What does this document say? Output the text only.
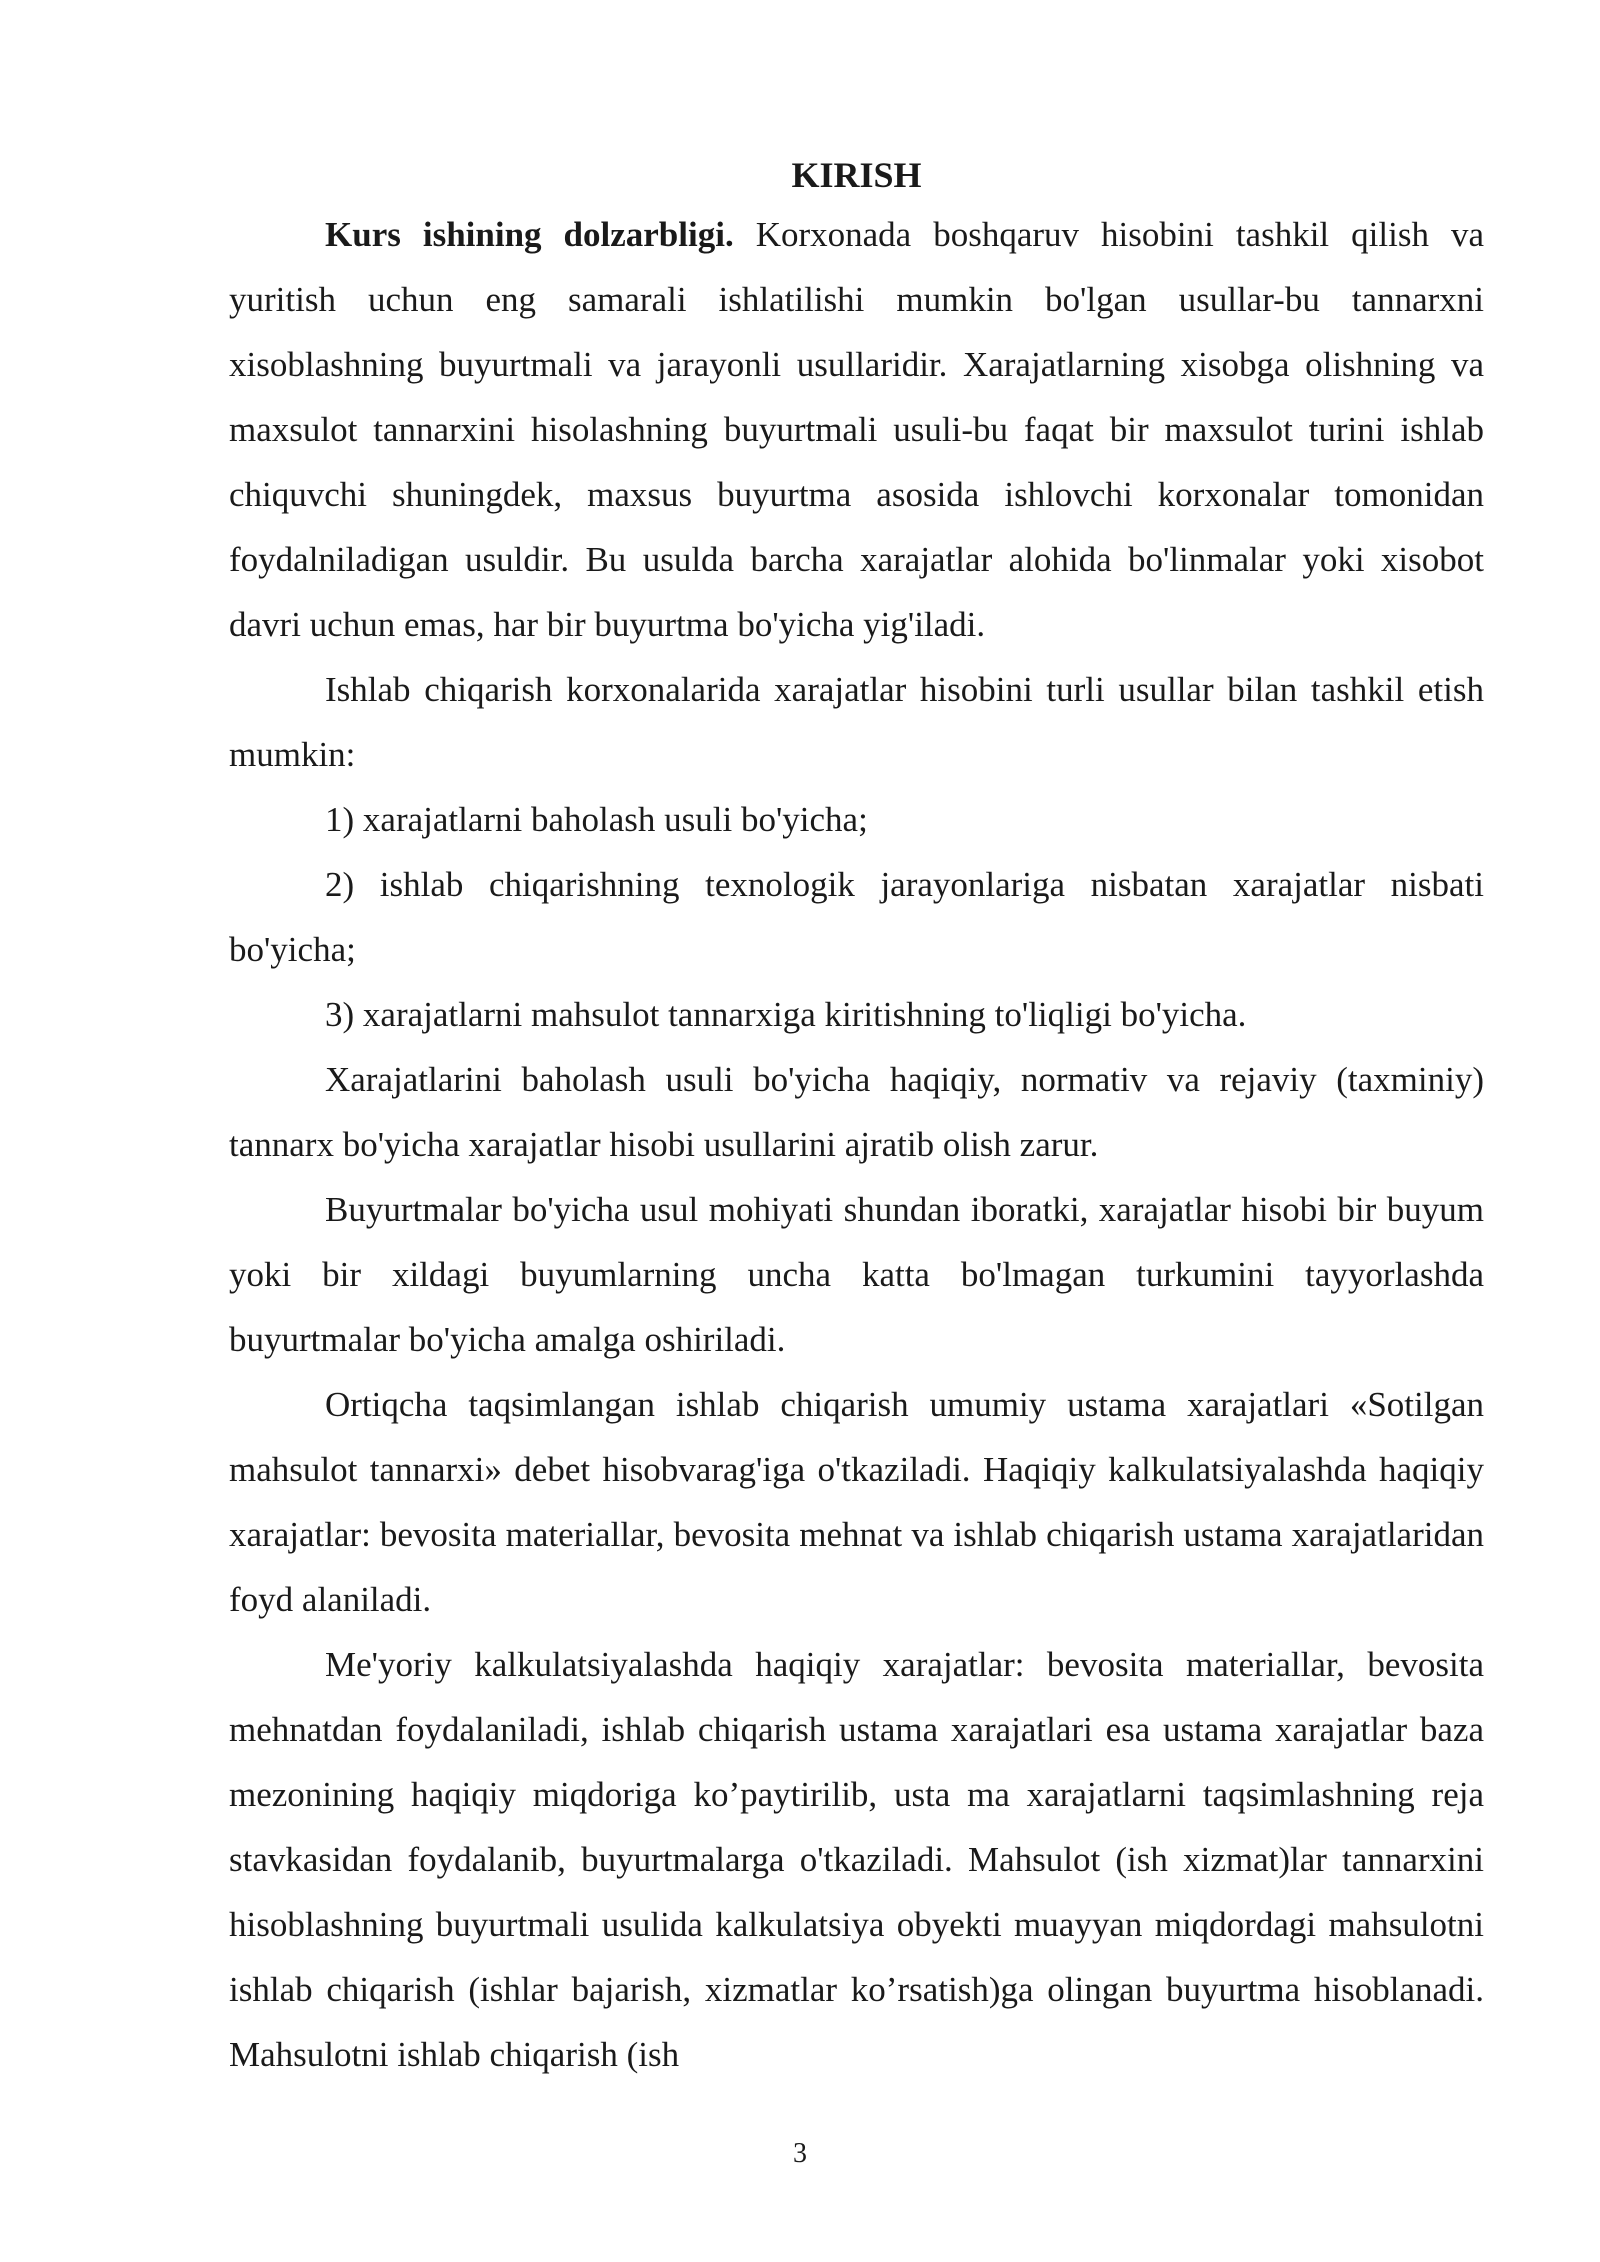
KIRISH

Kurs ishining dolzarbligi. Korxonada boshqaruv hisobini tashkil qilish va yuritish uchun eng samarali ishlatilishi mumkin bo'lgan usullar-bu tannarxni xisoblashning buyurtmali va jarayonli usullaridir. Xarajatlarning xisobga olishning va maxsulot tannarxini hisolashning buyurtmali usuli-bu faqat bir maxsulot turini ishlab chiquvchi shuningdek, maxsus buyurtma asosida ishlovchi korxonalar tomonidan foydalniladigan usuldir. Bu usulda barcha xarajatlar alohida bo'linmalar yoki xisobot davri uchun emas, har bir buyurtma bo'yicha yig'iladi.

Ishlab chiqarish korxonalarida xarajatlar hisobini turli usullar bilan tashkil etish mumkin:

1) xarajatlarni baholash usuli bo'yicha;

2) ishlab chiqarishning texnologik jarayonlariga nisbatan xarajatlar nisbati bo'yicha;

3) xarajatlarni mahsulot tannarxiga kiritishning to'liqligi bo'yicha.

Xarajatlarini baholash usuli bo'yicha haqiqiy, normativ va rejaviy (taxminiy) tannarx bo'yicha xarajatlar hisobi usullarini ajratib olish zarur.

Buyurtmalar bo'yicha usul mohiyati shundan iboratki, xarajatlar hisobi bir buyum yoki bir xildagi buyumlarning uncha katta bo'lmagan turkumini tayyorlashda buyurtmalar bo'yicha amalga oshiriladi.

Ortiqcha taqsimlangan ishlab chiqarish umumiy ustama xarajatlari «Sotilgan mahsulot tannarxi» debet hisobvarag'iga o'tkaziladi. Haqiqiy kalkulatsiyalashda haqiqiy xarajatlar: bevosita materiallar, bevosita mehnat va ishlab chiqarish ustama xarajatlaridan foyd alaniladi.

Me'yoriy kalkulatsiyalashda haqiqiy xarajatlar: bevosita materiallar, bevosita mehnatdan foydalaniladi, ishlab chiqarish ustama xarajatlari esa ustama xarajatlar baza mezonining haqiqiy miqdoriga ko’paytirilib, usta ma xarajatlarni taqsimlashning reja stavkasidan foydalanib, buyurtmalarga o'tkaziladi. Mahsulot (ish xizmat)lar tannarxini hisoblashning buyurtmali usulida kalkulatsiya obyekti muayyan miqdordagi mahsulotni ishlab chiqarish (ishlar bajarish, xizmatlar ko’rsatish)ga olingan buyurtma hisoblanadi. Mahsulotni ishlab chiqarish (ish

3
